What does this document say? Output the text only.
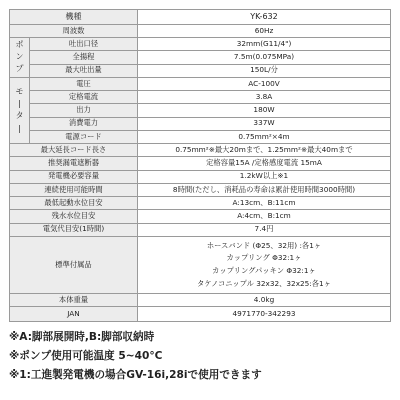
機種		YK-632
周波数		60Hz
ポ
ン
プ	吐出口径	32mm(G11/4")
	全揚程	7.5m(0.075MPa)
	最大吐出量	150L/分
モ
|
タ
|	電圧	AC-100V
	定格電流	3.8A
	出力	180W
	消費電力	337W
	電源コード	0.75mm²×4m
最大延長コード長さ		0.75mm²※最大20mまで、1.25mm²※最大40mまで
推奨漏電遮断器		定格容量15A /定格感度電流 15mA
発電機必要容量		1.2kW以上※1
連続使用可能時間		8時間(ただし、消耗品の寿命は累計使用時間3000時間)
最低起動水位目安		A:13cm、B:11cm
残水水位目安		A:4cm、B:1cm
電気代目安(1時間)		7.4円
標準付属品		ホースバンド (Φ25、32用) :各1ヶ
カップリング Φ32:1ヶ
カップリングパッキン Φ32:1ヶ
タケノコニップル 32x32、32x25:各1ヶ

本体重量		4.0kg
JAN		4971770-342293
※A:脚部展開時,B:脚部収納時
※ポンプ使用可能温度 5~40°C
※1:工進製発電機の場合GV-16i,28iで使用できます
